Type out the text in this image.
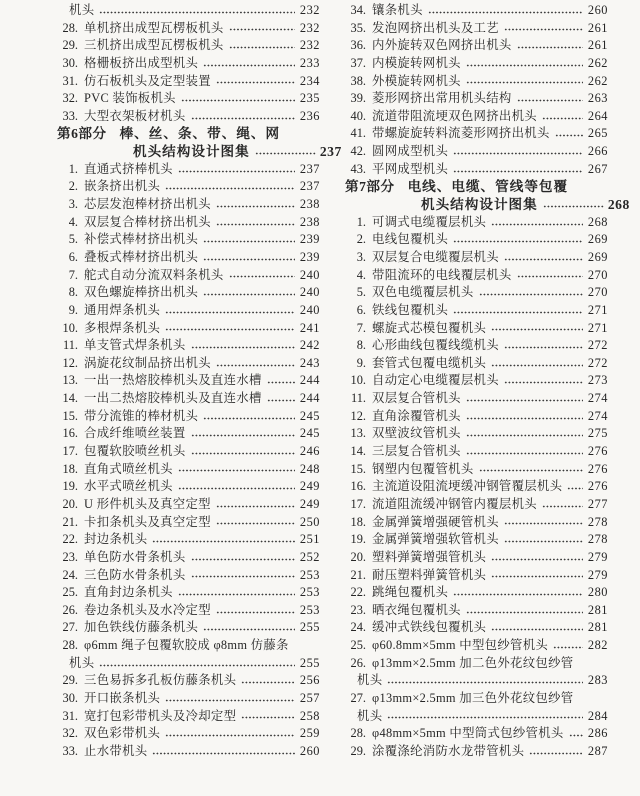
机头	232
28. 单机挤出成型瓦楞板机头	232
29. 三机挤出成型瓦楞板机头	232
30. 格栅板挤出成型机头	233
31. 仿石板机头及定型装置	234
32. PVC 装饰板机头	235
33. 大型衣架板材机头	236
第6部分 棒、丝、条、带、绳、网
机头结构设计图集	237
1. 直通式挤棒机头	237
2. 嵌条挤出机头	237
3. 芯层发泡棒材挤出机头	238
4. 双层复合棒材挤出机头	238
5. 补偿式棒材挤出机头	239
6. 叠板式棒材挤出机头	239
7. 舵式自动分流双料条机头	240
8. 双色螺旋棒挤出机头	240
9. 通用焊条机头	240
10. 多根焊条机头	241
11. 单支管式焊条机头	242
12. 涡旋花纹制品挤出机头	243
13. 一出一热熔胶棒机头及直连水槽	244
14. 一出二热熔胶棒机头及直连水槽	244
15. 带分流锥的棒材机头	245
16. 合成纤维喷丝装置	245
17. 包覆软胶喷丝机头	246
18. 直角式喷丝机头	248
19. 水平式喷丝机头	249
20. U 形件机头及真空定型	249
21. 卡扣条机头及真空定型	250
22. 封边条机头	251
23. 单色防水骨条机头	252
24. 三色防水骨条机头	253
25. 直角封边条机头	253
26. 卷边条机头及水冷定型	253
27. 加色铁线仿藤条机头	255
28. φ6mm 绳子包覆软胶成 φ8mm 仿藤条
机头	255
29. 三色易拆多孔板仿藤条机头	256
30. 开口嵌条机头	257
31. 宽打包彩带机头及冷却定型	258
32. 双色彩带机头	259
33. 止水带机头	260
34. 镶条机头	260
35. 发泡网挤出机头及工艺	261
36. 内外旋转双色网挤出机头	261
37. 内模旋转网机头	262
38. 外模旋转网机头	262
39. 菱形网挤出常用机头结构	263
40. 流道带阻流埂双色网挤出机头	264
41. 带螺旋旋转料流菱形网挤出机头	265
42. 圆网成型机头	266
43. 平网成型机头	267
第7部分 电线、电缆、管线等包覆
机头结构设计图集	268
1. 可调式电缆覆层机头	268
2. 电线包覆机头	269
3. 双层复合电缆覆层机头	269
4. 带阻流环的电线覆层机头	270
5. 双色电缆覆层机头	270
6. 铁线包覆机头	271
7. 螺旋式芯模包覆机头	271
8. 心形曲线包覆线缆机头	272
9. 套管式包覆电缆机头	272
10. 自动定心电缆覆层机头	273
11. 双层复合管机头	274
12. 直角涂覆管机头	274
13. 双壁波纹管机头	275
14. 三层复合管机头	276
15. 钢塑内包覆管机头	276
16. 主流道设阻流埂缓冲钢管覆层机头 276
17. 流道阻流缓冲钢管内覆层机头	277
18. 金属弹簧增强硬管机头	278
19. 金属弹簧增强软管机头	278
20. 塑料弹簧增强管机头	279
21. 耐压塑料弹簧管机头	279
22. 跳绳包覆机头	280
23. 晒衣绳包覆机头	281
24. 缓冲式铁线包覆机头	281
25. φ60.8mm×5mm 中型包纱管机头	282
26. φ13mm×2.5mm 加二色外花纹包纱管
机头	283
27. φ13mm×2.5mm 加三色外花纹包纱管
机头	284
28. φ48mm×5mm 中型筒式包纱管机头 286
29. 涂覆涤纶消防水龙带管机头	287
